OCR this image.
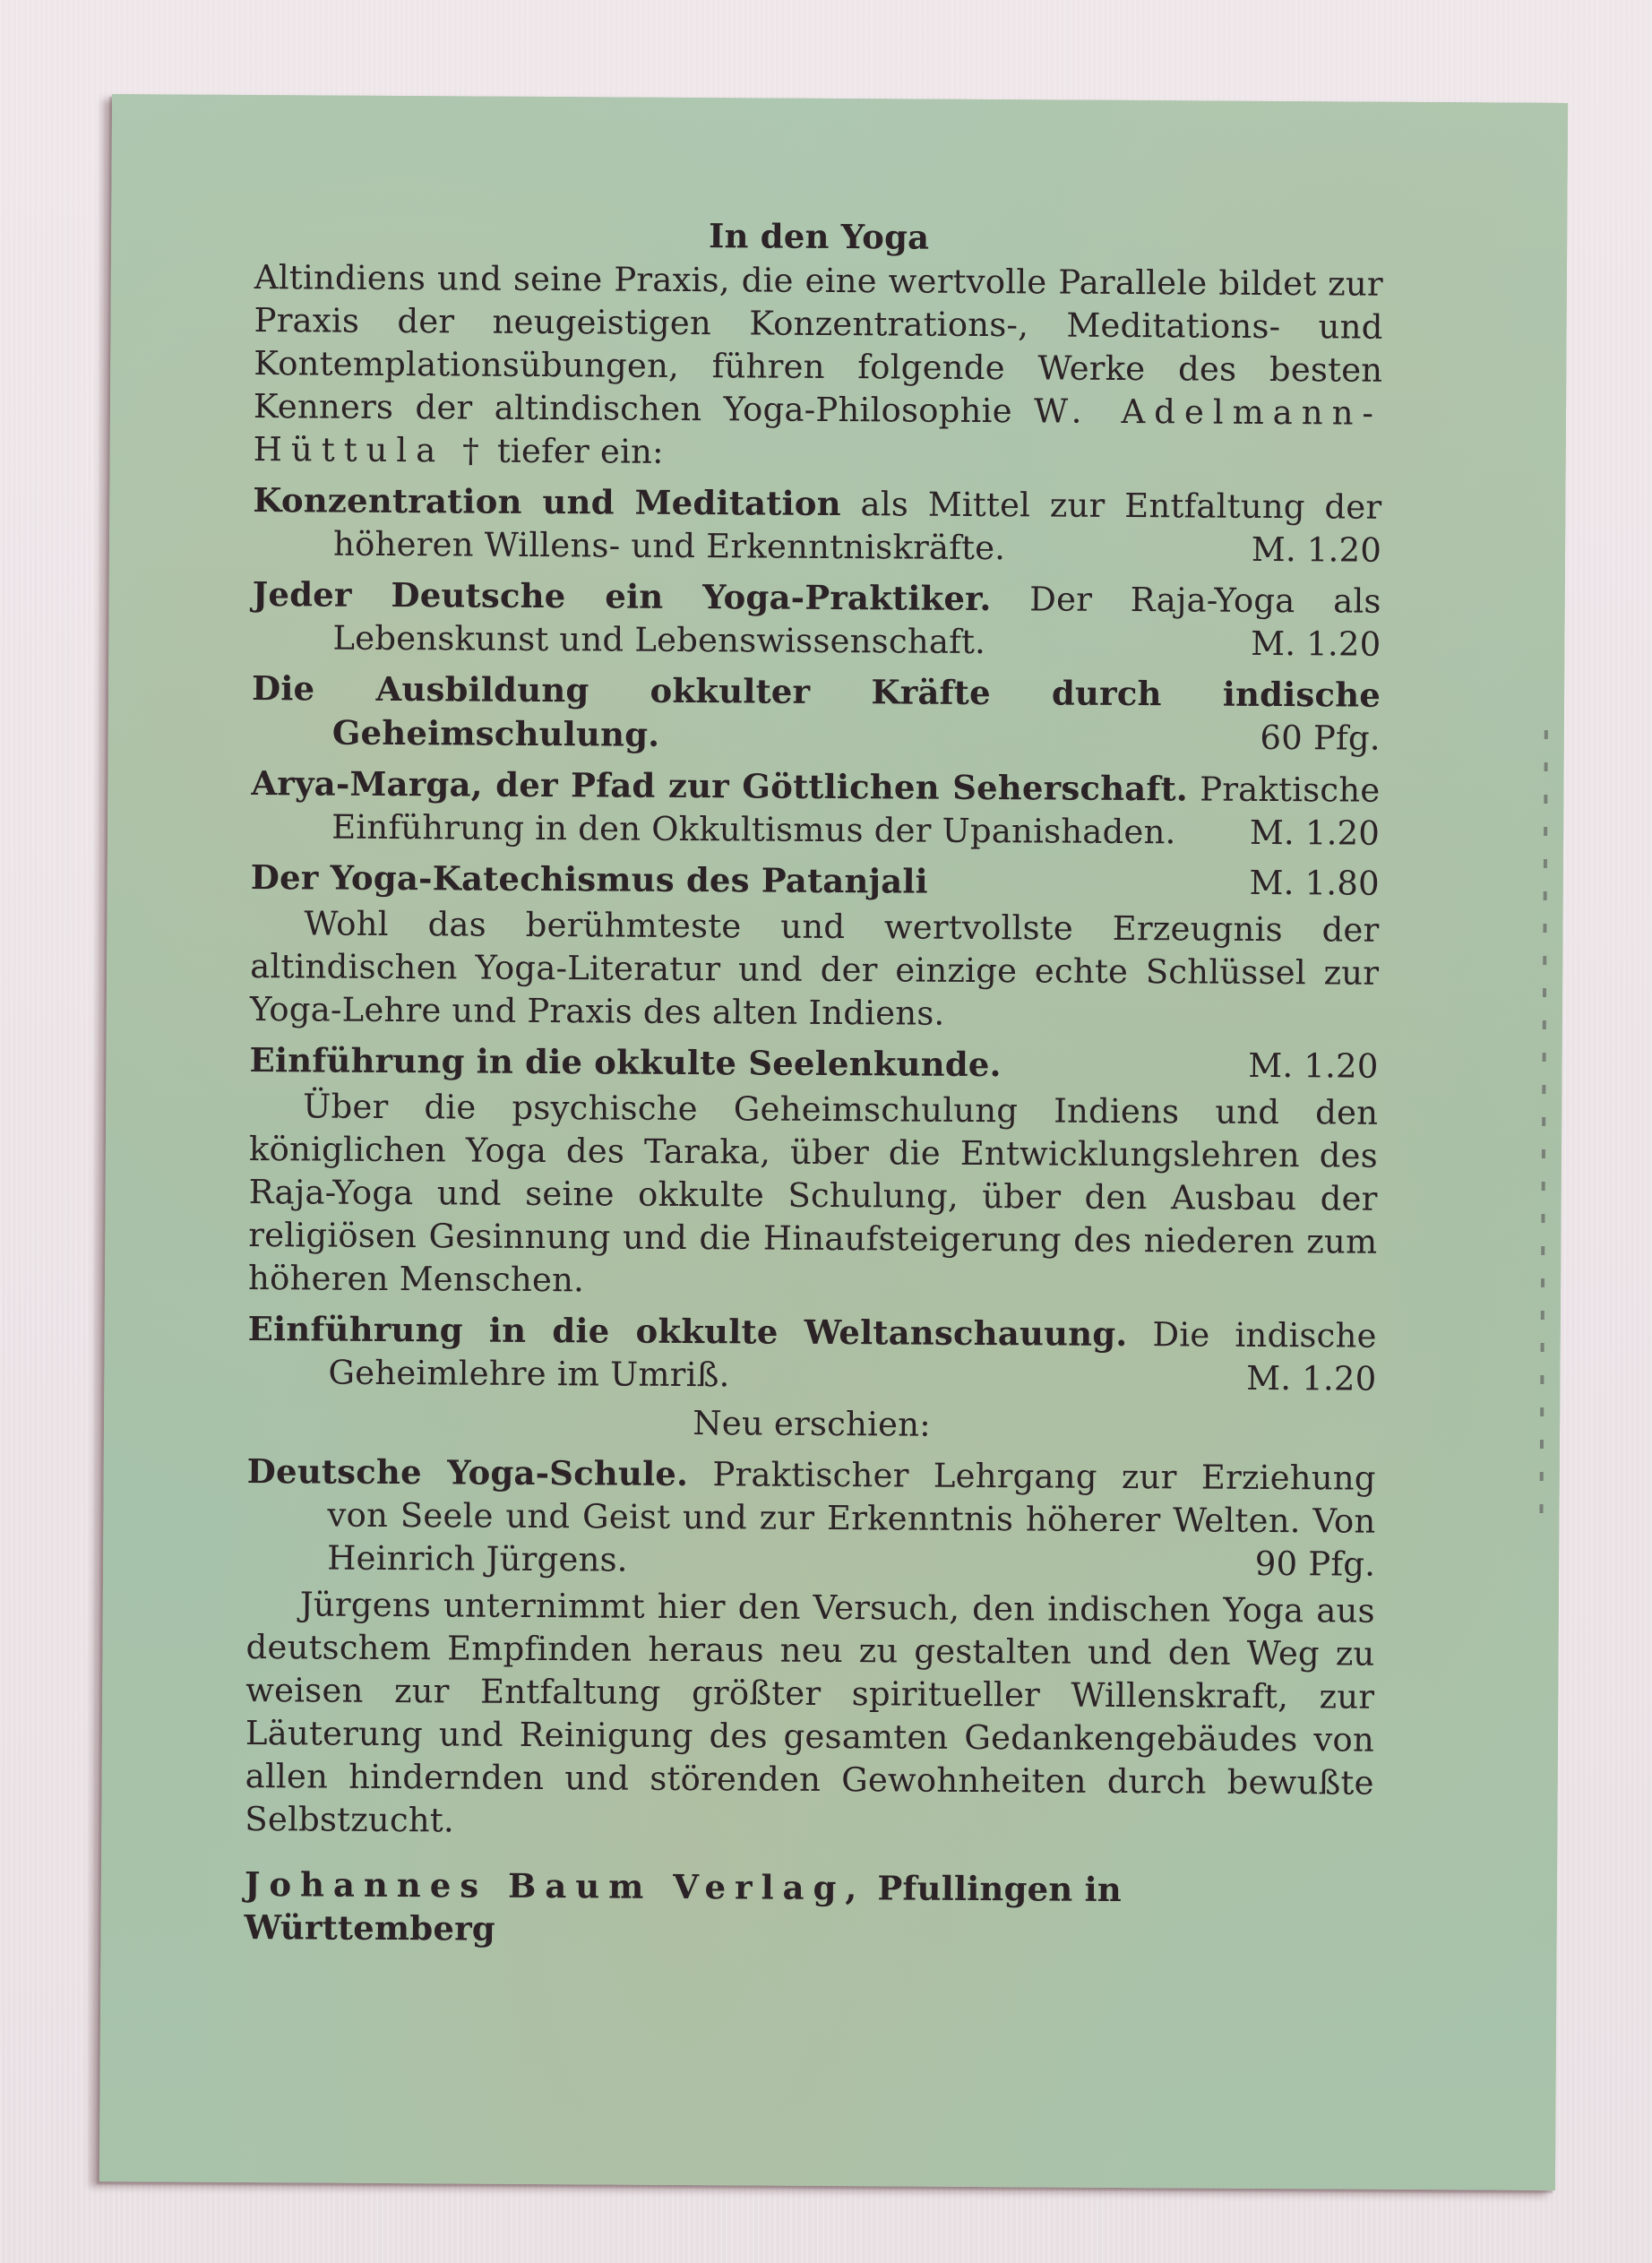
In den Yoga
Altindiens und seine Praxis, die eine wertvolle Parallele bildet zur Praxis der neugeistigen Konzentrations-, Meditations- und Kontemplationsübungen, führen folgende Werke des besten Kenners der altindischen Yoga-Philosophie W. Adelmann-Hüttula † tiefer ein:
Konzentration und Meditation als Mittel zur Entfaltung der höheren Willens- und Erkenntniskräfte.	M. 1.20
Jeder Deutsche ein Yoga-Praktiker. Der Raja-Yoga als Lebenskunst und Lebenswissenschaft.	M. 1.20
Die Ausbildung okkulter Kräfte durch indische Geheimschulung.	60 Pfg.
Arya-Marga, der Pfad zur Göttlichen Seherschaft. Praktische Einführung in den Okkultismus der Upanishaden. M. 1.20
Der Yoga-Katechismus des Patanjali	M. 1.80
Wohl das berühmteste und wertvollste Erzeugnis der altindischen Yoga-Literatur und der einzige echte Schlüssel zur Yoga-Lehre und Praxis des alten Indiens.
Einführung in die okkulte Seelenkunde.	M. 1.20
Über die psychische Geheimschulung Indiens und den königlichen Yoga des Taraka, über die Entwicklungslehren des Raja-Yoga und seine okkulte Schulung, über den Ausbau der religiösen Gesinnung und die Hinaufsteigerung des niederen zum höheren Menschen.
Einführung in die okkulte Weltanschauung. Die indische Geheimlehre im Umriß.	M. 1.20
Neu erschien:
Deutsche Yoga-Schule. Praktischer Lehrgang zur Erziehung von Seele und Geist und zur Erkenntnis höherer Welten. Von Heinrich Jürgens.	90 Pfg.
Jürgens unternimmt hier den Versuch, den indischen Yoga aus deutschem Empfinden heraus neu zu gestalten und den Weg zu weisen zur Entfaltung größter spiritueller Willenskraft, zur Läuterung und Reinigung des gesamten Gedankengebäudes von allen hindernden und störenden Gewohnheiten durch bewußte Selbstzucht.
Johannes Baum Verlag, Pfullingen in Württemberg
